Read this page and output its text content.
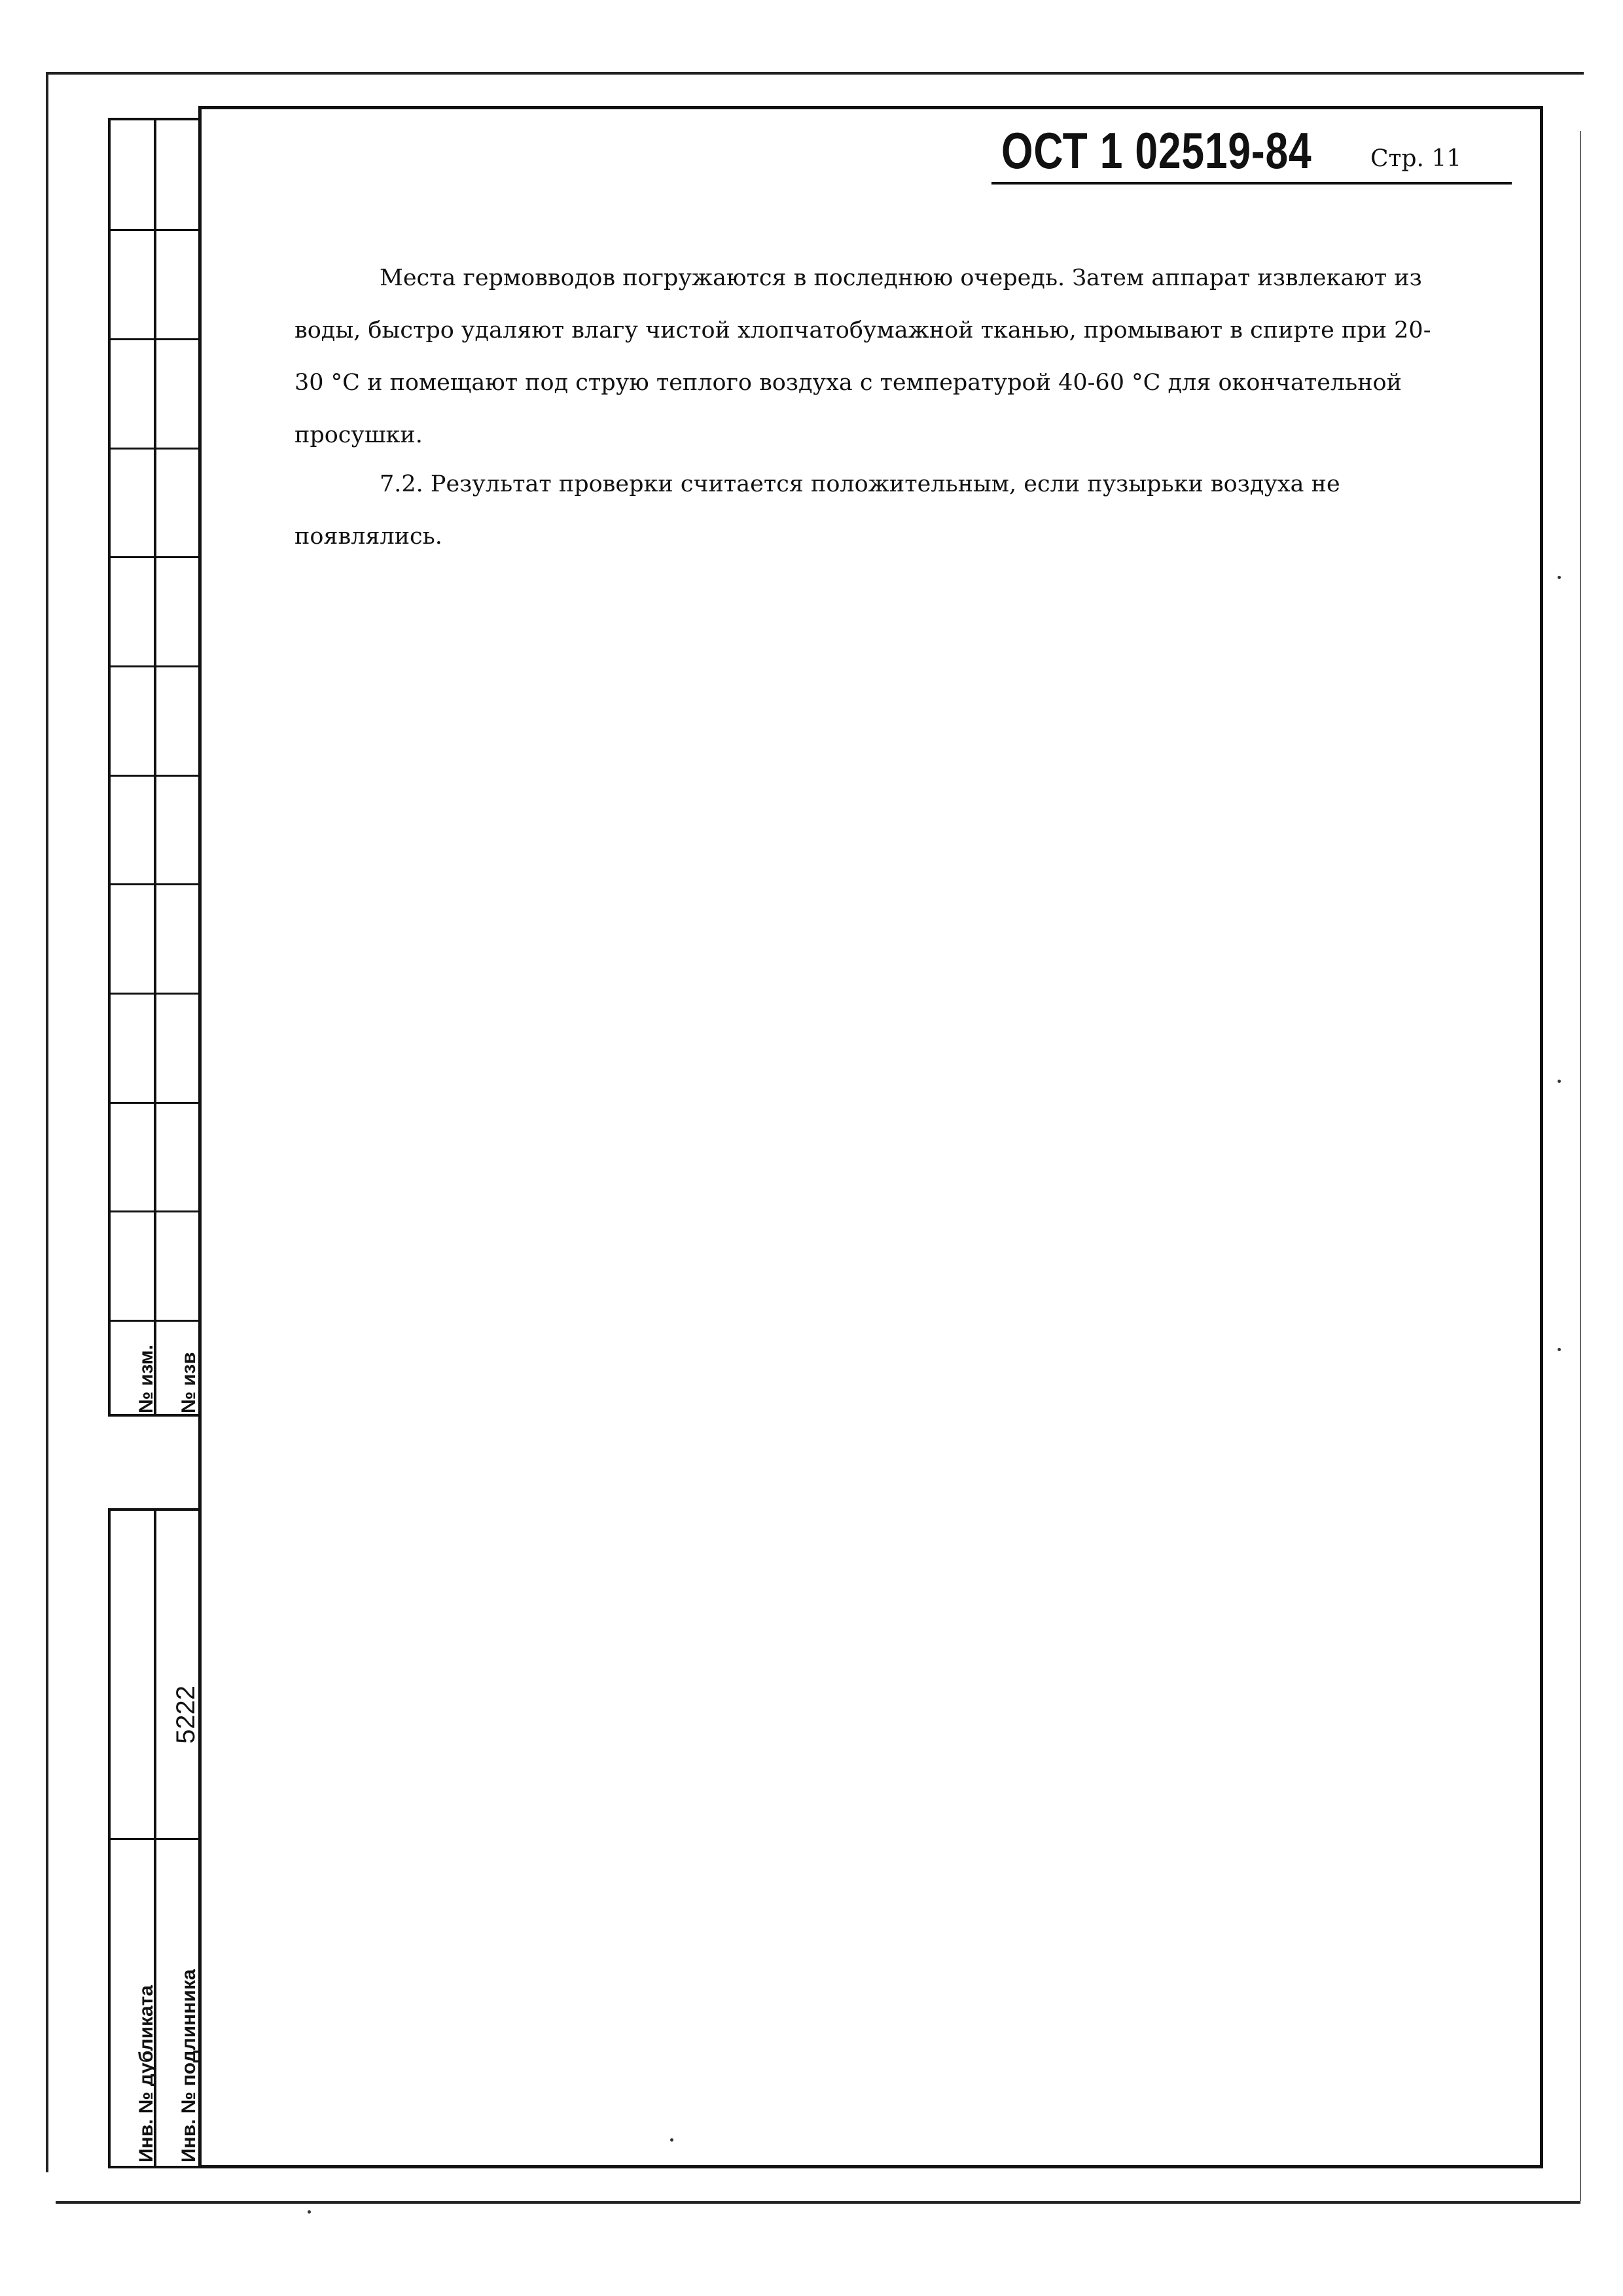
№ изм. № изв
Инв. № дубликата Инв. № подлинника
5222
ОСТ 1 02519-84 Стр. 11

Места гермовводов погружаются в последнюю очередь. Затем аппарат извлекают из воды, быстро удаляют влагу чистой хлопчатобумажной тканью, промывают в спирте при 20-30 °С и помещают под струю теплого воздуха с температурой 40-60 °С для окончательной просушки.

7.2. Результат проверки считается положительным, если пузырьки воздуха не появлялись.
